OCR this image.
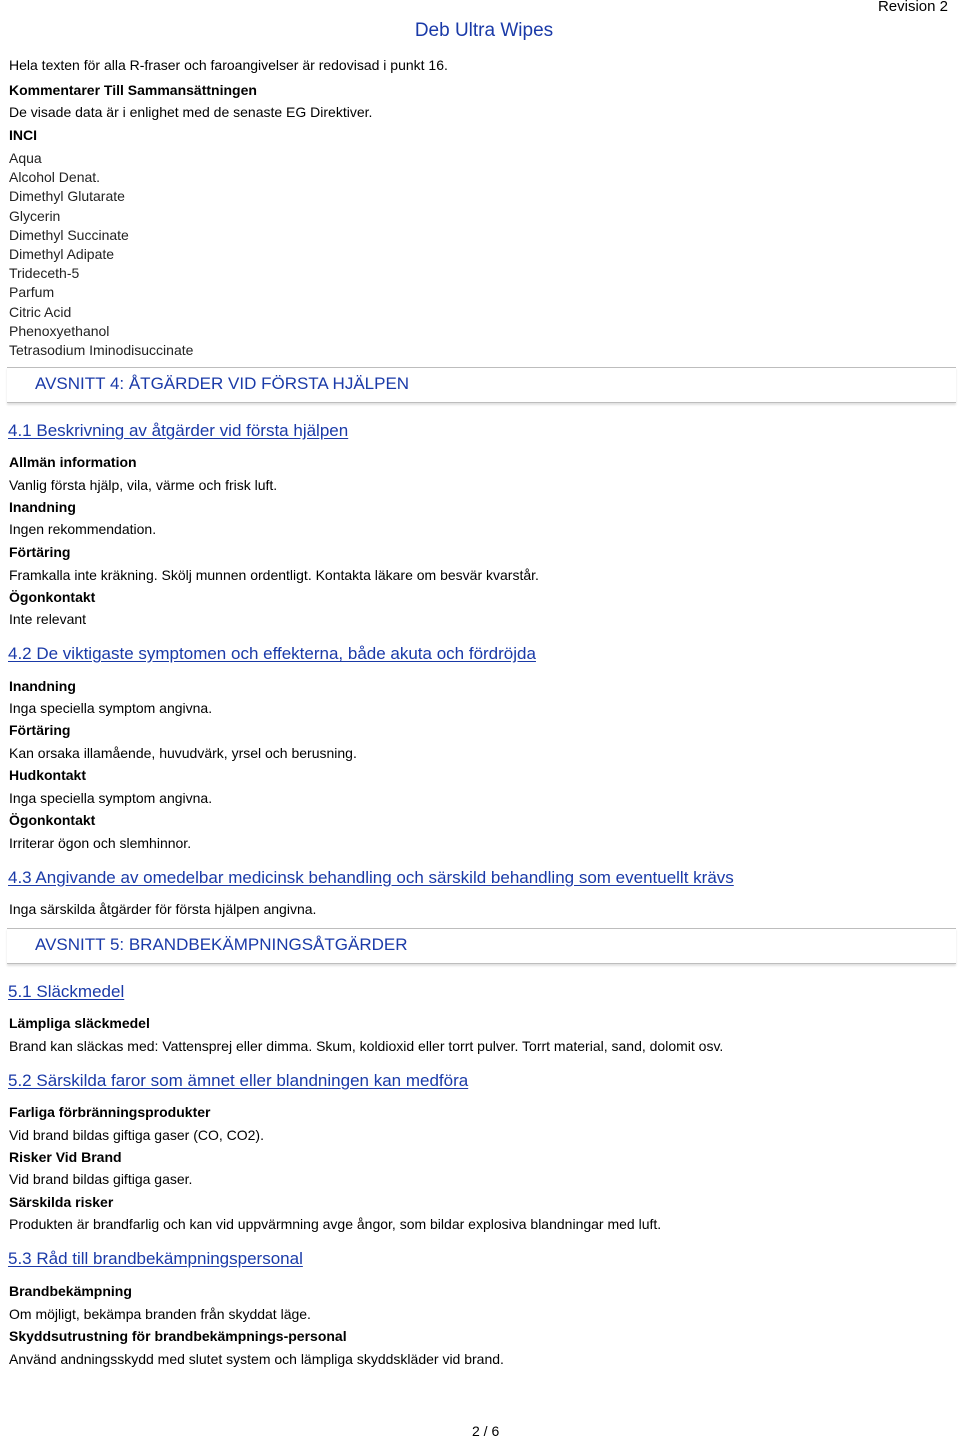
Deb Ultra Wipes
Revision 2
Hela texten för alla R-fraser och faroangivelser är redovisad i punkt 16.
Kommentarer Till Sammansättningen
De visade data är i enlighet med de senaste EG Direktiver.
INCI
Aqua
Alcohol Denat.
Dimethyl Glutarate
Glycerin
Dimethyl Succinate
Dimethyl Adipate
Trideceth-5
Parfum
Citric Acid
Phenoxyethanol
Tetrasodium Iminodisuccinate
AVSNITT 4: ÅTGÄRDER VID FÖRSTA HJÄLPEN
4.1 Beskrivning av åtgärder vid första hjälpen
Allmän information
Vanlig första hjälp, vila, värme och frisk luft.
Inandning
Ingen rekommendation.
Förtäring
Framkalla inte kräkning. Skölj munnen ordentligt. Kontakta läkare om besvär kvarstår.
Ögonkontakt
Inte relevant
4.2 De viktigaste symptomen och effekterna, både akuta och fördröjda
Inandning
Inga speciella symptom angivna.
Förtäring
Kan orsaka illamående, huvudvärk, yrsel och berusning.
Hudkontakt
Inga speciella symptom angivna.
Ögonkontakt
Irriterar ögon och slemhinnor.
4.3 Angivande av omedelbar medicinsk behandling och särskild behandling som eventuellt krävs
Inga särskilda åtgärder för första hjälpen angivna.
AVSNITT 5: BRANDBEKÄMPNINGSÅTGÄRDER
5.1 Släckmedel
Lämpliga släckmedel
Brand kan släckas med: Vattensprej eller dimma. Skum, koldioxid eller torrt pulver. Torrt material, sand, dolomit osv.
5.2 Särskilda faror som ämnet eller blandningen kan medföra
Farliga förbränningsprodukter
Vid brand bildas giftiga gaser (CO, CO2).
Risker Vid Brand
Vid brand bildas giftiga gaser.
Särskilda risker
Produkten är brandfarlig och kan vid uppvärmning avge ångor, som bildar explosiva blandningar med luft.
5.3 Råd till brandbekämpningspersonal
Brandbekämpning
Om möjligt, bekämpa branden från skyddat läge.
Skyddsutrustning för brandbekämpnings-personal
Använd andningsskydd med slutet system och lämpliga skyddskläder vid brand.
2 / 6
